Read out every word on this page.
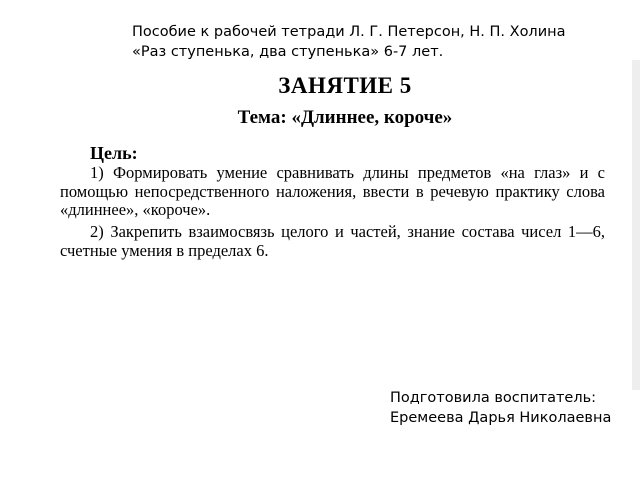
Пособие к рабочей тетради Л. Г. Петерсон, Н. П. Холина
«Раз ступенька, два ступенька» 6-7 лет.
ЗАНЯТИЕ 5
Тема: «Длиннее, короче»
Цель:
1) Формировать умение сравнивать длины предметов «на глаз» и с помощью непосредственного наложения, ввести в речевую практику слова «длиннее», «короче».
2) Закрепить взаимосвязь целого и частей, знание состава чисел 1—6, счетные умения в пределах 6.
Подготовила воспитатель:
Еремеева Дарья Николаевна
